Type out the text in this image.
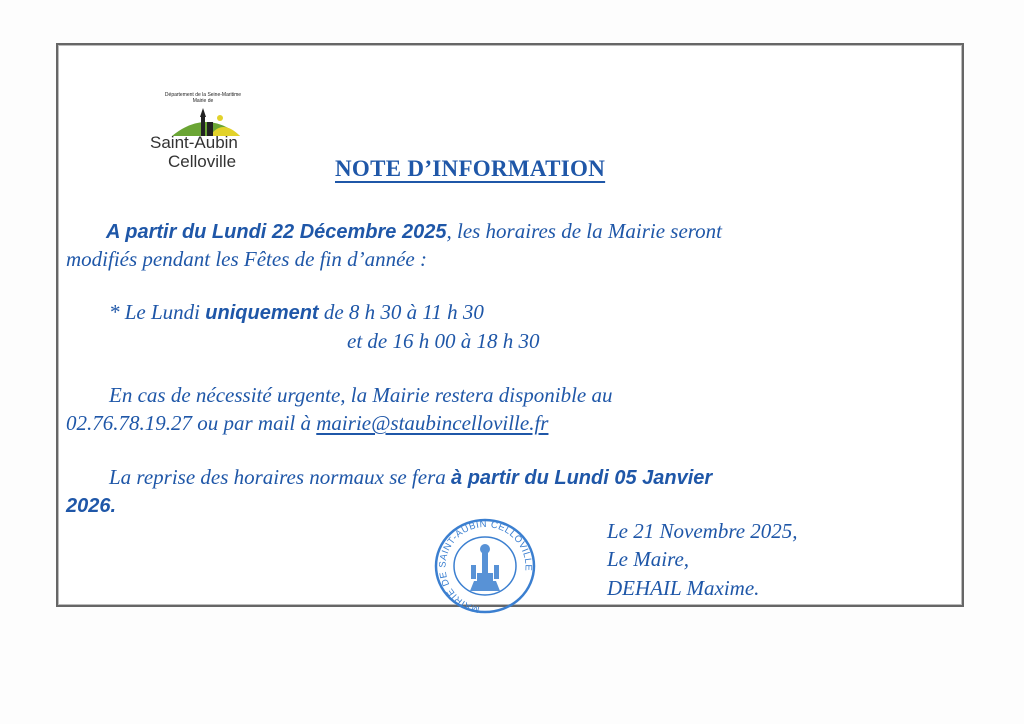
Département de la Seine-Maritime
Mairie de
Saint-Aubin
Celloville	NOTE D’INFORMATION
A partir du Lundi 22 Décembre 2025, les horaires de la Mairie seront
modifiés pendant les Fêtes de fin d’année :
* Le Lundi uniquement de 8 h 30 à 11 h 30
et de 16 h 00 à 18 h 30
En cas de nécessité urgente, la Mairie restera disponible au
02.76.78.19.27 ou par mail à mairie@staubincelloville.fr
La reprise des horaires normaux se fera à partir du Lundi 05 Janvier
2026.
MAIRIE DE SAINT-AUBIN CELLOVILLE
Le 21 Novembre 2025,
Le Maire,
DEHAIL Maxime.
